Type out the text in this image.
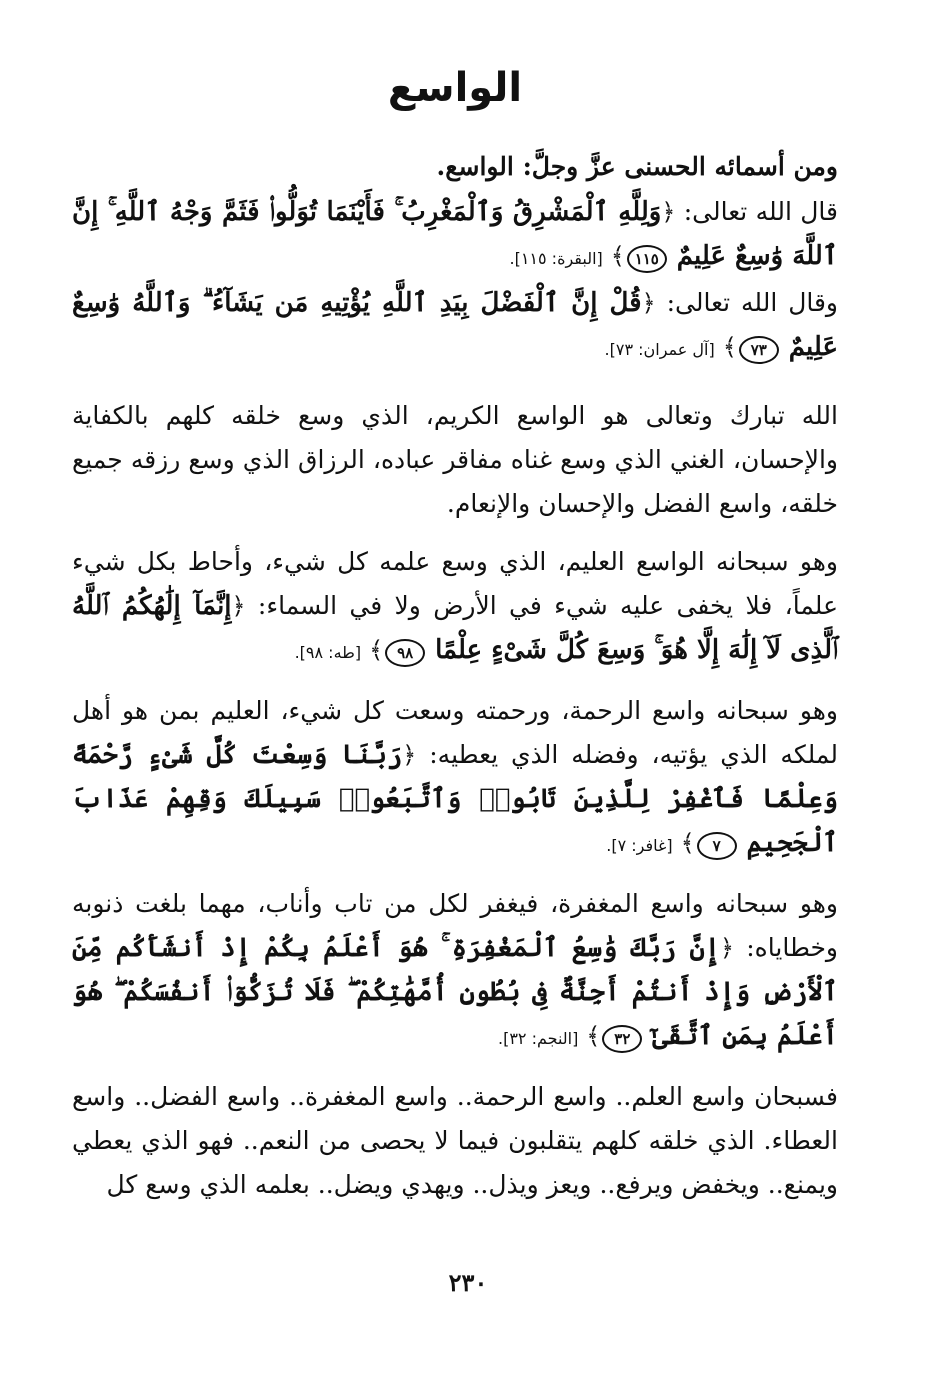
الواسع

ومن أسمائه الحسنى عزَّ وجلَّ: الواسع.

قال الله تعالى: ﴿وَلِلَّهِ ٱلْمَشْرِقُ وَٱلْمَغْرِبُ ۚ فَأَيْنَمَا تُوَلُّوا۟ فَثَمَّ وَجْهُ ٱللَّهِ ۚ إِنَّ ٱللَّهَ وَٰسِعٌ عَلِيمٌ ١١٥﴾ [البقرة: ١١٥].

وقال الله تعالى: ﴿قُلْ إِنَّ ٱلْفَضْلَ بِيَدِ ٱللَّهِ يُؤْتِيهِ مَن يَشَآءُ ۗ وَٱللَّهُ وَٰسِعٌ عَلِيمٌ ٧٣﴾ [آل عمران: ٧٣].

الله تبارك وتعالى هو الواسع الكريم، الذي وسع خلقه كلهم بالكفاية والإحسان، الغني الذي وسع غناه مفاقر عباده، الرزاق الذي وسع رزقه جميع خلقه، واسع الفضل والإحسان والإنعام.

وهو سبحانه الواسع العليم، الذي وسع علمه كل شيء، وأحاط بكل شيء علماً، فلا يخفى عليه شيء في الأرض ولا في السماء: ﴿إِنَّمَآ إِلَٰهُكُمُ ٱللَّهُ ٱلَّذِى لَآ إِلَٰهَ إِلَّا هُوَ ۚ وَسِعَ كُلَّ شَىْءٍ عِلْمًا ٩٨﴾ [طه: ٩٨].

وهو سبحانه واسع الرحمة، ورحمته وسعت كل شيء، العليم بمن هو أهل لملكه الذي يؤتيه، وفضله الذي يعطيه: ﴿رَبَّنَا وَسِعْتَ كُلَّ شَىْءٍ رَّحْمَةً وَعِلْمًا فَٱغْفِرْ لِلَّذِينَ تَابُوا۟ وَٱتَّبَعُوا۟ سَبِيلَكَ وَقِهِمْ عَذَابَ ٱلْجَحِيمِ ٧﴾ [غافر: ٧].

وهو سبحانه واسع المغفرة، فيغفر لكل من تاب وأناب، مهما بلغت ذنوبه وخطاياه: ﴿إِنَّ رَبَّكَ وَٰسِعُ ٱلْمَغْفِرَةِ ۚ هُوَ أَعْلَمُ بِكُمْ إِذْ أَنشَأَكُم مِّنَ ٱلْأَرْضِ وَإِذْ أَنتُمْ أَجِنَّةٌ فِى بُطُونِ أُمَّهَٰتِكُمْ ۖ فَلَا تُزَكُّوٓا۟ أَنفُسَكُمْ ۖ هُوَ أَعْلَمُ بِمَنِ ٱتَّقَىٰٓ ٣٢﴾ [النجم: ٣٢].

فسبحان واسع العلم.. واسع الرحمة.. واسع المغفرة.. واسع الفضل.. واسع العطاء. الذي خلقه كلهم يتقلبون فيما لا يحصى من النعم.. فهو الذي يعطي ويمنع.. ويخفض ويرفع.. ويعز ويذل.. ويهدي ويضل.. بعلمه الذي وسع كل

٢٣٠
